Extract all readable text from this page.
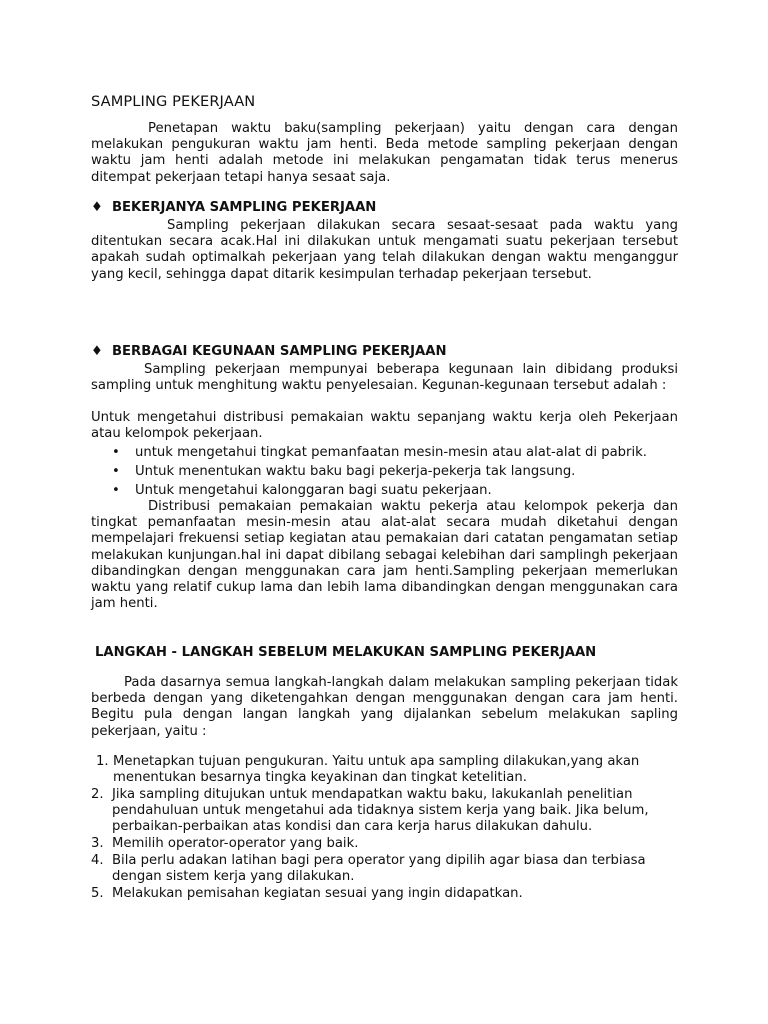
SAMPLING PEKERJAAN

Penetapan waktu baku(sampling pekerjaan) yaitu dengan cara dengan melakukan pengukuran waktu jam henti. Beda metode sampling pekerjaan dengan waktu jam henti adalah metode ini melakukan pengamatan tidak terus menerus ditempat pekerjaan tetapi hanya sesaat saja.

♦ BEKERJANYA SAMPLING PEKERJAAN

Sampling pekerjaan dilakukan secara sesaat-sesaat pada waktu yang ditentukan secara acak.Hal ini dilakukan untuk mengamati suatu pekerjaan tersebut apakah sudah optimalkah pekerjaan yang telah dilakukan dengan waktu menganggur yang kecil, sehingga dapat ditarik kesimpulan terhadap pekerjaan tersebut.

♦ BERBAGAI KEGUNAAN SAMPLING PEKERJAAN

Sampling pekerjaan mempunyai beberapa kegunaan lain dibidang produksi sampling untuk menghitung waktu penyelesaian. Kegunan-kegunaan tersebut adalah :

Untuk mengetahui distribusi pemakaian waktu sepanjang waktu kerja oleh Pekerjaan atau kelompok pekerjaan.

• untuk mengetahui tingkat pemanfaatan mesin-mesin atau alat-alat di pabrik.
• Untuk menentukan waktu baku bagi pekerja-pekerja tak langsung.
• Untuk mengetahui kalonggaran bagi suatu pekerjaan.

Distribusi pemakaian pemakaian waktu pekerja atau kelompok pekerja dan tingkat pemanfaatan mesin-mesin atau alat-alat secara mudah diketahui dengan mempelajari frekuensi setiap kegiatan atau pemakaian dari catatan pengamatan setiap melakukan kunjungan.hal ini dapat dibilang sebagai kelebihan dari samplingh pekerjaan dibandingkan dengan menggunakan cara jam henti.Sampling pekerjaan memerlukan waktu yang relatif cukup lama dan lebih lama dibandingkan dengan menggunakan cara jam henti.

LANGKAH - LANGKAH SEBELUM MELAKUKAN SAMPLING PEKERJAAN

Pada dasarnya semua langkah-langkah dalam melakukan sampling pekerjaan tidak berbeda dengan yang diketengahkan dengan menggunakan dengan cara jam henti. Begitu pula dengan langan langkah yang dijalankan sebelum melakukan sapling pekerjaan, yaitu :

1. Menetapkan tujuan pengukuran. Yaitu untuk apa sampling dilakukan,yang akan menentukan besarnya tingka keyakinan dan tingkat ketelitian.
2. Jika sampling ditujukan untuk mendapatkan waktu baku, lakukanlah penelitian pendahuluan untuk mengetahui ada tidaknya sistem kerja yang baik. Jika belum, perbaikan-perbaikan atas kondisi dan cara kerja harus dilakukan dahulu.
3. Memilih operator-operator yang baik.
4. Bila perlu adakan latihan bagi pera operator yang dipilih agar biasa dan terbiasa dengan sistem kerja yang dilakukan.
5. Melakukan pemisahan kegiatan sesuai yang ingin didapatkan.
